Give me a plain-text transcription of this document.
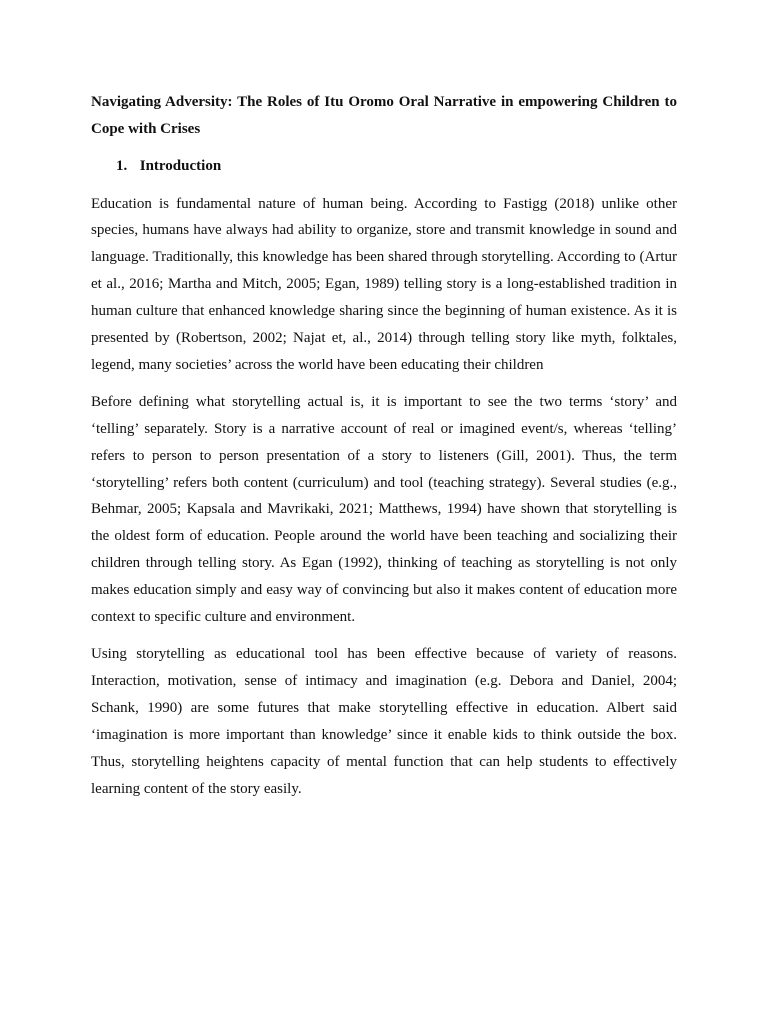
Navigating Adversity: The Roles of Itu Oromo Oral Narrative in empowering Children to Cope with Crises

1. Introduction

Education is fundamental nature of human being. According to Fastigg (2018) unlike other species, humans have always had ability to organize, store and transmit knowledge in sound and language. Traditionally, this knowledge has been shared through storytelling. According to (Artur et al., 2016; Martha and Mitch, 2005; Egan, 1989) telling story is a long-established tradition in human culture that enhanced knowledge sharing since the beginning of human existence. As it is presented by (Robertson, 2002; Najat et, al., 2014) through telling story like myth, folktales, legend, many societies’ across the world have been educating their children

Before defining what storytelling actual is, it is important to see the two terms ‘story’ and ‘telling’ separately. Story is a narrative account of real or imagined event/s, whereas ‘telling’ refers to person to person presentation of a story to listeners (Gill, 2001). Thus, the term ‘storytelling’ refers both content (curriculum) and tool (teaching strategy). Several studies (e.g., Behmar, 2005; Kapsala and Mavrikaki, 2021; Matthews, 1994) have shown that storytelling is the oldest form of education. People around the world have been teaching and socializing their children through telling story. As Egan (1992), thinking of teaching as storytelling is not only makes education simply and easy way of convincing but also it makes content of education more context to specific culture and environment.

Using storytelling as educational tool has been effective because of variety of reasons. Interaction, motivation, sense of intimacy and imagination (e.g. Debora and Daniel, 2004; Schank, 1990) are some futures that make storytelling effective in education. Albert said ‘imagination is more important than knowledge’ since it enable kids to think outside the box. Thus, storytelling heightens capacity of mental function that can help students to effectively learning content of the story easily.
